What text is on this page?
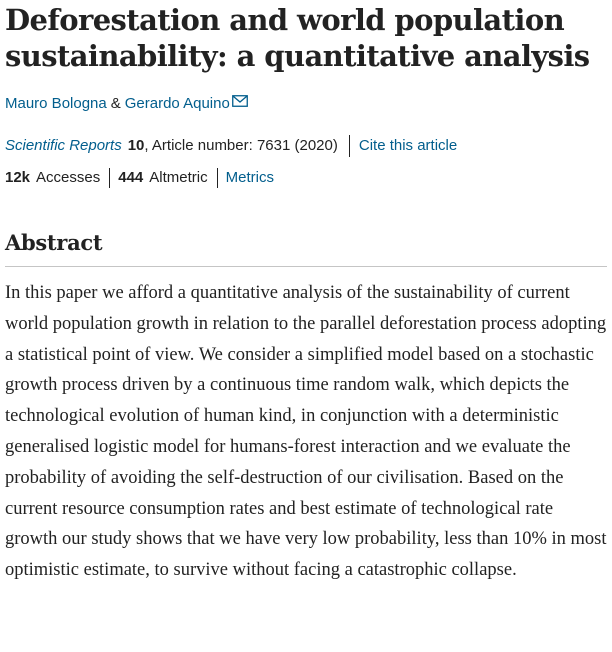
Deforestation and world population sustainability: a quantitative analysis
Mauro Bologna & Gerardo Aquino
Scientific Reports 10, Article number: 7631 (2020) Cite this article
12k Accesses 444 Altmetric Metrics
Abstract

In this paper we afford a quantitative analysis of the sustainability of current world population growth in relation to the parallel deforestation process adopting a statistical point of view. We consider a simplified model based on a stochastic growth process driven by a continuous time random walk, which depicts the technological evolution of human kind, in conjunction with a deterministic generalised logistic model for humans-forest interaction and we evaluate the probability of avoiding the self-destruction of our civilisation. Based on the current resource consumption rates and best estimate of technological rate growth our study shows that we have very low probability, less than 10% in most optimistic estimate, to survive without facing a catastrophic collapse.
